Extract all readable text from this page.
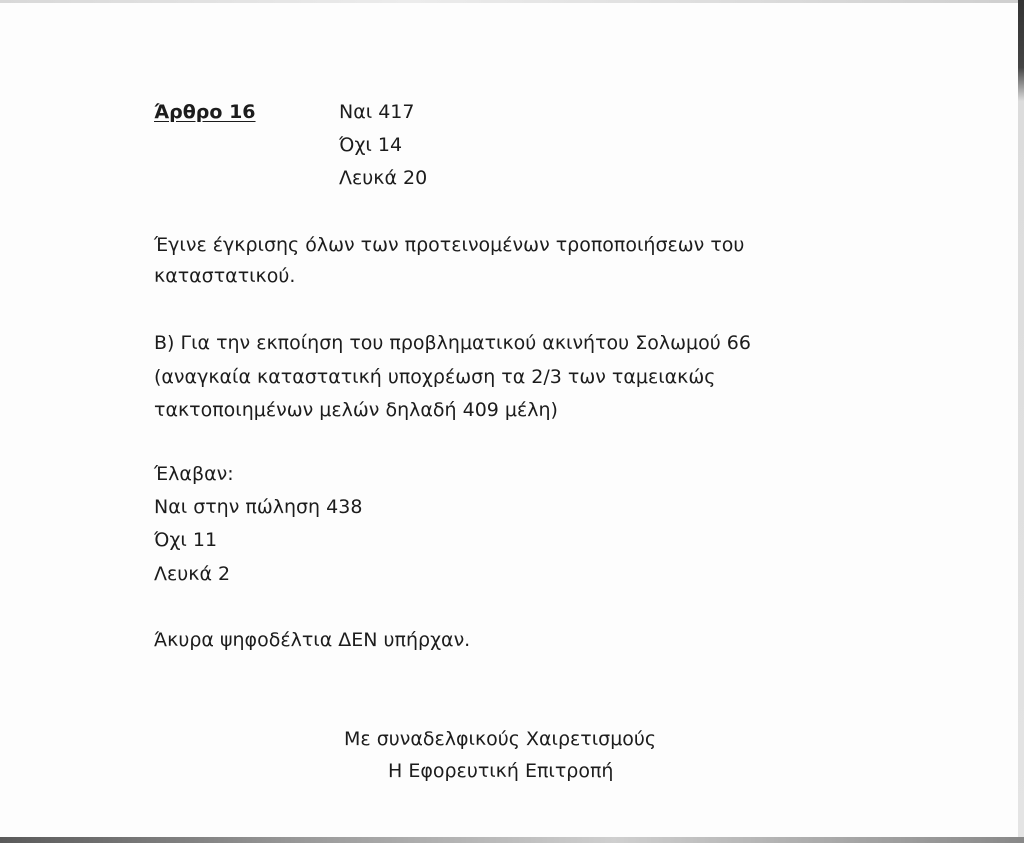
Άρθρο 16	Ναι 417
Όχι 14
Λευκά 20
Έγινε έγκρισης όλων των προτεινομένων τροποποιήσεων του
καταστατικού.
Β) Για την εκποίηση του προβληματικού ακινήτου Σολωμού 66
(αναγκαία καταστατική υποχρέωση τα 2/3 των ταμειακώς
τακτοποιημένων μελών δηλαδή 409 μέλη)
Έλαβαν:
Ναι στην πώληση 438
Όχι 11
Λευκά 2
Άκυρα ψηφοδέλτια ΔΕΝ υπήρχαν.
Με συναδελφικούς Χαιρετισμούς
Η Εφορευτική Επιτροπή
